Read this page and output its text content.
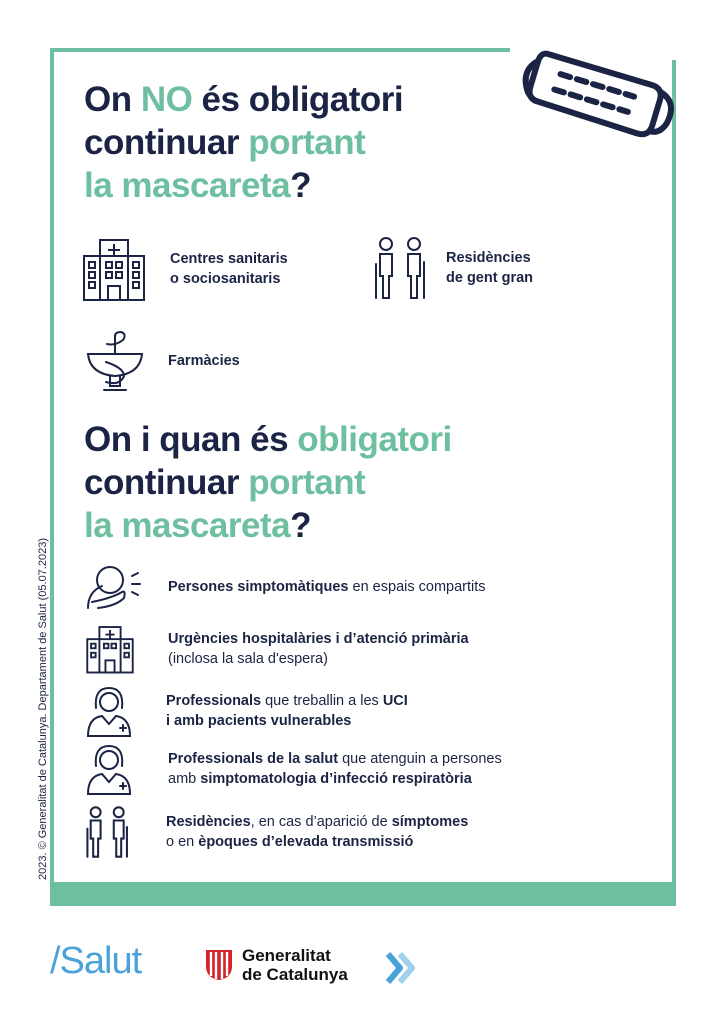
On NO és obligatori
continuar portant
la mascareta?
Centres sanitaris
o sociosanitaris
Residències
de gent gran
Farmàcies
On i quan és obligatori
continuar portant
la mascareta?
Persones simptomàtiques en espais compartits
Urgències hospitalàries i d’atenció primària
(inclosa la sala d'espera)
Professionals que treballin a les UCI
i amb pacients vulnerables
Professionals de la salut que atenguin a persones
amb simptomatologia d’infecció respiratòria
Residències, en cas d’aparició de símptomes
o en èpoques d’elevada transmissió
2023. © Generalitat de Catalunya. Departament de Salut (05.07.2023)
/Salut	Generalitat
de Catalunya
